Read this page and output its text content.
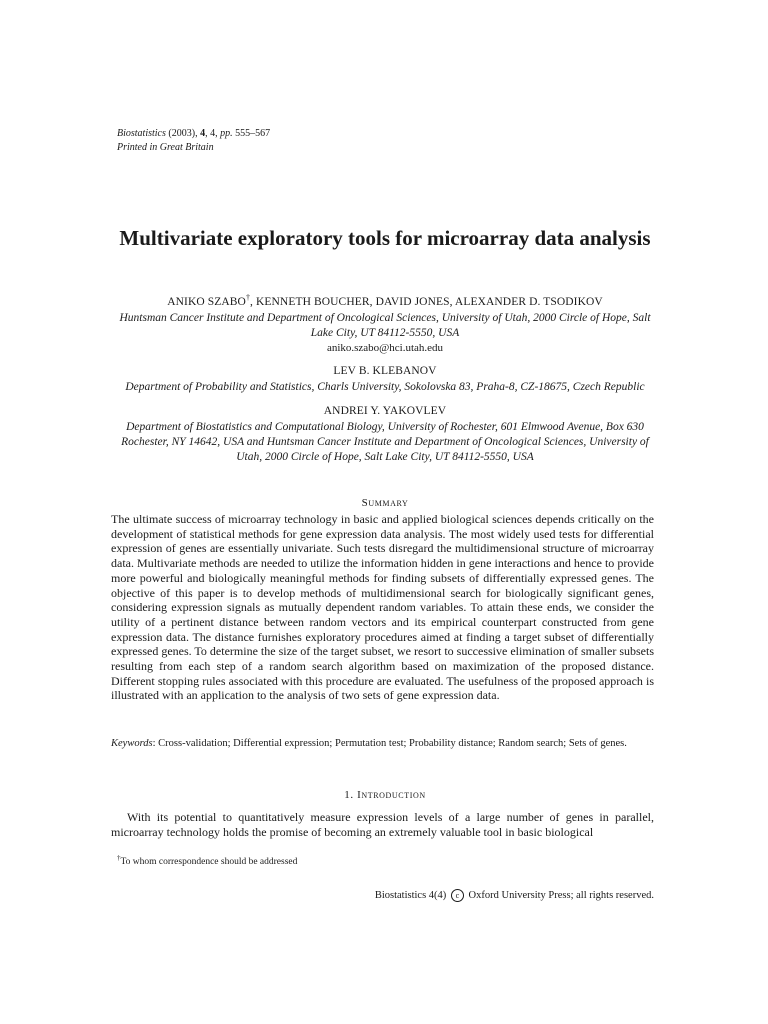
Biostatistics (2003), 4, 4, pp. 555–567
Printed in Great Britain
Multivariate exploratory tools for microarray data analysis
ANIKO SZABO†, KENNETH BOUCHER, DAVID JONES, ALEXANDER D. TSODIKOV
Huntsman Cancer Institute and Department of Oncological Sciences, University of Utah, 2000 Circle of Hope, Salt Lake City, UT 84112-5550, USA
aniko.szabo@hci.utah.edu
LEV B. KLEBANOV
Department of Probability and Statistics, Charls University, Sokolovska 83, Praha-8, CZ-18675, Czech Republic
ANDREI Y. YAKOVLEV
Department of Biostatistics and Computational Biology, University of Rochester, 601 Elmwood Avenue, Box 630 Rochester, NY 14642, USA and Huntsman Cancer Institute and Department of Oncological Sciences, University of Utah, 2000 Circle of Hope, Salt Lake City, UT 84112-5550, USA
Summary

The ultimate success of microarray technology in basic and applied biological sciences depends critically on the development of statistical methods for gene expression data analysis. The most widely used tests for differential expression of genes are essentially univariate. Such tests disregard the multidimensional structure of microarray data. Multivariate methods are needed to utilize the information hidden in gene interactions and hence to provide more powerful and biologically meaningful methods for finding subsets of differentially expressed genes. The objective of this paper is to develop methods of multidimensional search for biologically significant genes, considering expression signals as mutually dependent random variables. To attain these ends, we consider the utility of a pertinent distance between random vectors and its empirical counterpart constructed from gene expression data. The distance furnishes exploratory procedures aimed at finding a target subset of differentially expressed genes. To determine the size of the target subset, we resort to successive elimination of smaller subsets resulting from each step of a random search algorithm based on maximization of the proposed distance. Different stopping rules associated with this procedure are evaluated. The usefulness of the proposed approach is illustrated with an application to the analysis of two sets of gene expression data.

Keywords: Cross-validation; Differential expression; Permutation test; Probability distance; Random search; Sets of genes.
1. Introduction

With its potential to quantitatively measure expression levels of a large number of genes in parallel, microarray technology holds the promise of becoming an extremely valuable tool in basic biological

†To whom correspondence should be addressed
Biostatistics 4(4) c Oxford University Press; all rights reserved.
